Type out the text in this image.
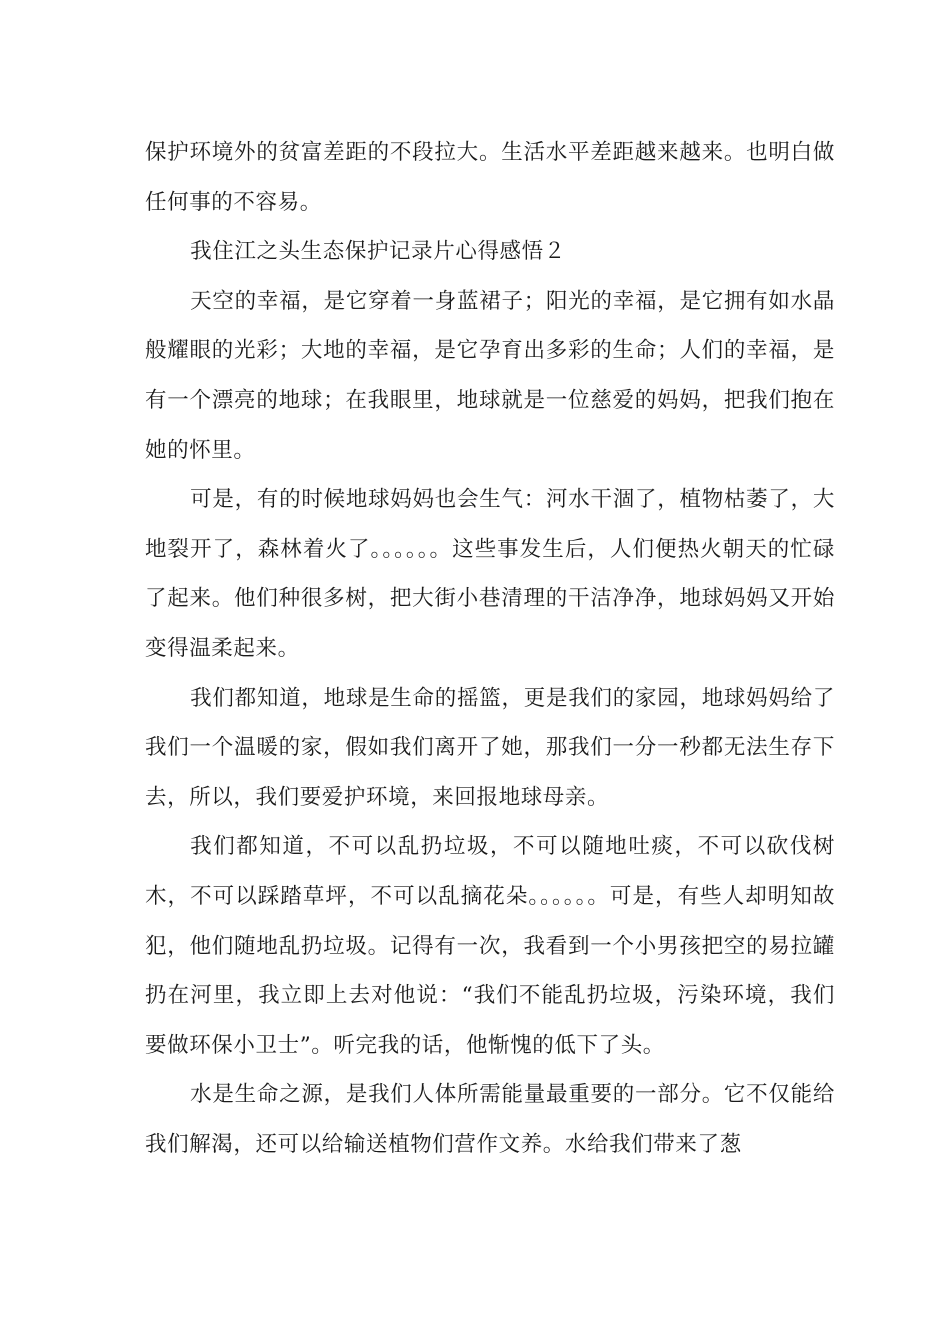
保护环境外的贫富差距的不段拉大。生活水平差距越来越来。也明白做任何事的不容易。

我住江之头生态保护记录片心得感悟２

天空的幸福，是它穿着一身蓝裙子；阳光的幸福，是它拥有如水晶般耀眼的光彩；大地的幸福，是它孕育出多彩的生命；人们的幸福，是有一个漂亮的地球；在我眼里，地球就是一位慈爱的妈妈，把我们抱在她的怀里。

可是，有的时候地球妈妈也会生气：河水干涸了，植物枯萎了，大地裂开了，森林着火了。。。。。。这些事发生后，人们便热火朝天的忙碌了起来。他们种很多树，把大街小巷清理的干洁净净，地球妈妈又开始变得温柔起来。

我们都知道，地球是生命的摇篮，更是我们的家园，地球妈妈给了我们一个温暖的家，假如我们离开了她，那我们一分一秒都无法生存下去，所以，我们要爱护环境，来回报地球母亲。

我们都知道，不可以乱扔垃圾，不可以随地吐痰，不可以砍伐树木，不可以踩踏草坪，不可以乱摘花朵。。。。。。可是，有些人却明知故犯，他们随地乱扔垃圾。记得有一次，我看到一个小男孩把空的易拉罐扔在河里，我立即上去对他说：“我们不能乱扔垃圾，污染环境，我们要做环保小卫士”。听完我的话，他惭愧的低下了头。

水是生命之源，是我们人体所需能量最重要的一部分。它不仅能给我们解渴，还可以给输送植物们营作文养。水给我们带来了葱
